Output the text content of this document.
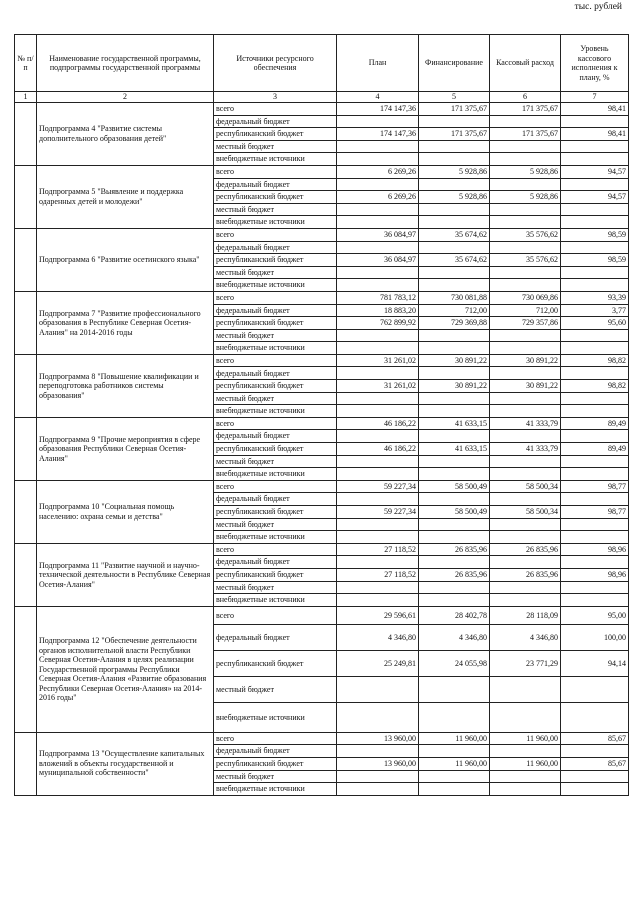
тыс. рублей
№ п/п	Наименование государственной программы, подпрограммы государственной программы	Источники ресурсного обеспечения	План	Финансирование	Кассовый расход	Уровень кассового исполнения к плану, %
1	2	3	4	5	6	7
	Подпрограмма 4 "Развитие системы дополнительного образования детей"	всего	174 147,36	171 375,67	171 375,67	98,41
		федеральный бюджет				
		республиканский бюджет	174 147,36	171 375,67	171 375,67	98,41
		местный бюджет				
		внебюджетные источники				
	Подпрограмма 5 "Выявление и поддержка одаренных детей и молодежи"	всего	6 269,26	5 928,86	5 928,86	94,57
		федеральный бюджет				
		республиканский бюджет	6 269,26	5 928,86	5 928,86	94,57
		местный бюджет				
		внебюджетные источники				
	Подпрограмма 6 "Развитие осетинского языка"	всего	36 084,97	35 674,62	35 576,62	98,59
		федеральный бюджет				
		республиканский бюджет	36 084,97	35 674,62	35 576,62	98,59
		местный бюджет				
		внебюджетные источники				
	Подпрограмма 7 "Развитие профессионального образования в Республике Северная Осетия-Алания" на 2014-2016 годы	всего	781 783,12	730 081,88	730 069,86	93,39
		федеральный бюджет	18 883,20	712,00	712,00	3,77
		республиканский бюджет	762 899,92	729 369,88	729 357,86	95,60
		местный бюджет				
		внебюджетные источники				
	Подпрограмма 8 "Повышение квалификации и переподготовка работников системы образования"	всего	31 261,02	30 891,22	30 891,22	98,82
		федеральный бюджет				
		республиканский бюджет	31 261,02	30 891,22	30 891,22	98,82
		местный бюджет				
		внебюджетные источники				
	Подпрограмма 9 "Прочие мероприятия в сфере образования Республики Северная Осетия-Алания"	всего	46 186,22	41 633,15	41 333,79	89,49
		федеральный бюджет				
		республиканский бюджет	46 186,22	41 633,15	41 333,79	89,49
		местный бюджет				
		внебюджетные источники				
	Подпрограмма 10 "Социальная помощь населению: охрана семьи и детства"	всего	59 227,34	58 500,49	58 500,34	98,77
		федеральный бюджет				
		республиканский бюджет	59 227,34	58 500,49	58 500,34	98,77
		местный бюджет				
		внебюджетные источники				
	Подпрограмма 11 "Развитие научной и научно-технической деятельности в Республике Северная Осетия-Алания"	всего	27 118,52	26 835,96	26 835,96	98,96
		федеральный бюджет				
		республиканский бюджет	27 118,52	26 835,96	26 835,96	98,96
		местный бюджет				
		внебюджетные источники				
	Подпрограмма 12 "Обеспечение деятельности органов исполнительной власти Республики Северная Осетия-Алания в целях реализации Государственной программы Республики Северная Осетия-Алания «Развитие образования Республики Северная Осетия-Алания» на 2014-2016 годы"	всего	29 596,61	28 402,78	28 118,09	95,00
		федеральный бюджет	4 346,80	4 346,80	4 346,80	100,00
		республиканский бюджет	25 249,81	24 055,98	23 771,29	94,14
		местный бюджет				
		внебюджетные источники				
	Подпрограмма 13 "Осуществление капитальных вложений в объекты государственной и муниципальной собственности"	всего	13 960,00	11 960,00	11 960,00	85,67
		федеральный бюджет				
		республиканский бюджет	13 960,00	11 960,00	11 960,00	85,67
		местный бюджет				
		внебюджетные источники				
